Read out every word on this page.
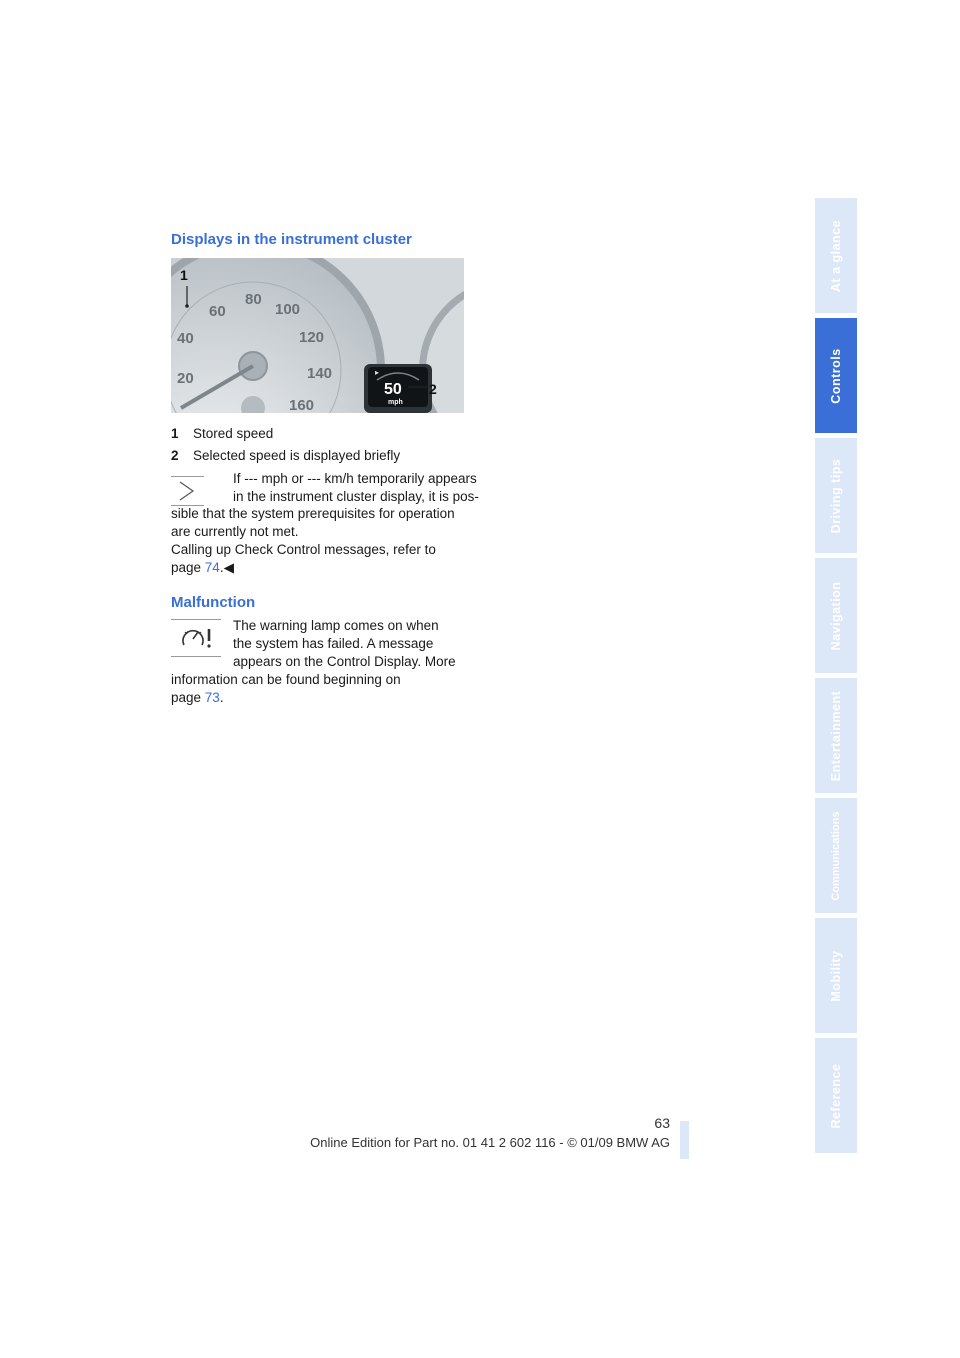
Displays in the instrument cluster
20
40
60
80
100
120
140
160
1
▸
50
mph
2

1 Stored speed

2 Selected speed is displayed briefly

If --- mph or --- km/h temporarily appears

in the instrument cluster display, it is pos-

sible that the system prerequisites for operation

are currently not met.

Calling up Check Control messages, refer to

page 74.◀

Malfunction

The warning lamp comes on when

the system has failed. A message

appears on the Control Display. More

information can be found beginning on

page 73.

At a glance
Controls
Driving tips
Navigation
Entertainment
Communications
Mobility
Reference
63
Online Edition for Part no. 01 41 2 602 116 - © 01/09 BMW AG
